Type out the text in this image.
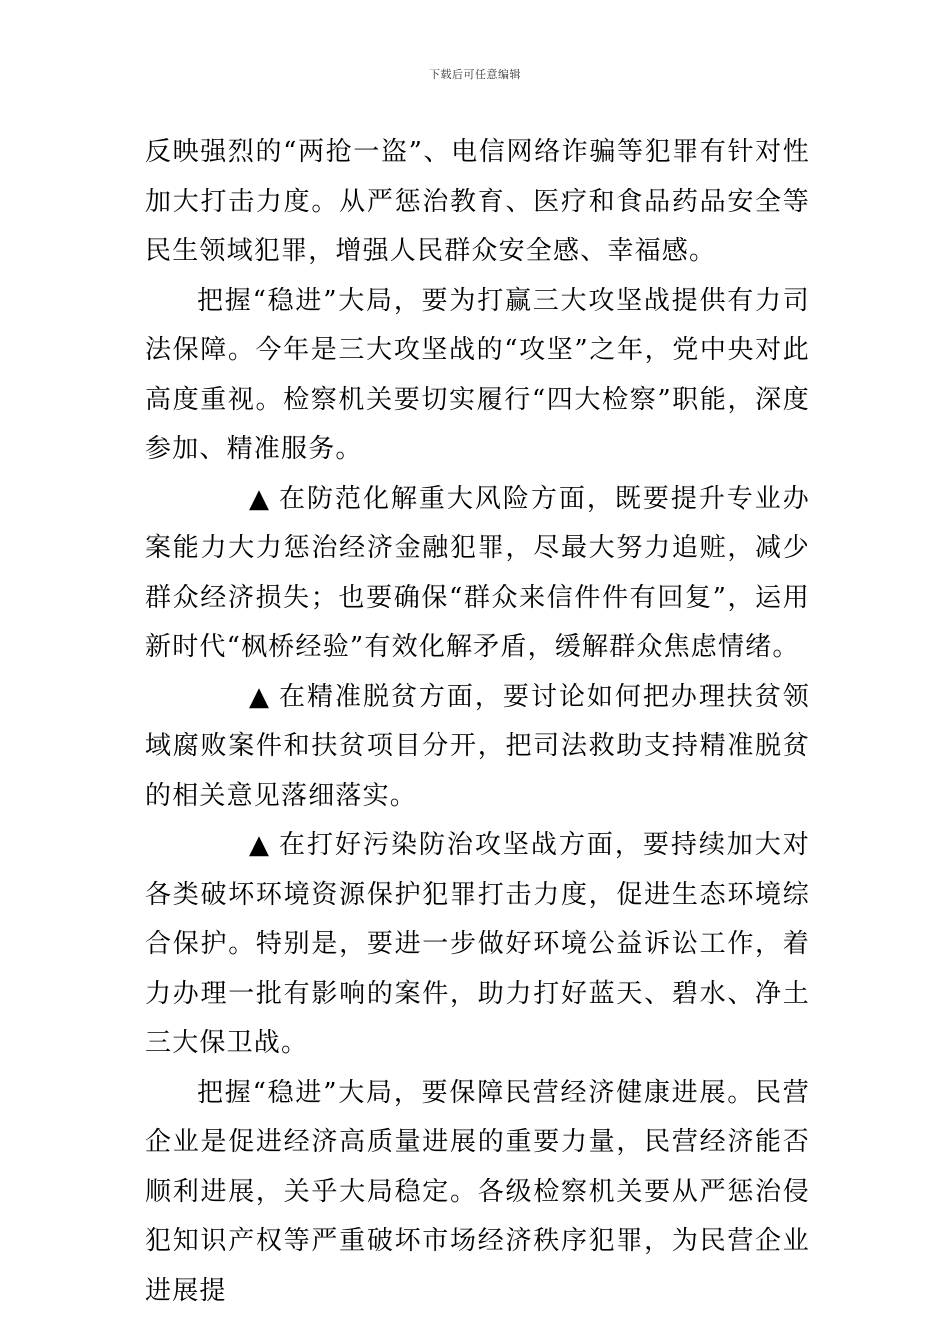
下载后可任意编辑

反映强烈的“两抢一盗”、电信网络诈骗等犯罪有针对性加大打击力度。从严惩治教育、医疗和食品药品安全等民生领域犯罪，增强人民群众安全感、幸福感。

把握“稳进”大局，要为打赢三大攻坚战提供有力司法保障。今年是三大攻坚战的“攻坚”之年，党中央对此高度重视。检察机关要切实履行“四大检察”职能，深度参加、精准服务。

▲ 在防范化解重大风险方面，既要提升专业办案能力大力惩治经济金融犯罪，尽最大努力追赃，减少群众经济损失；也要确保“群众来信件件有回复”，运用新时代“枫桥经验”有效化解矛盾，缓解群众焦虑情绪。

▲ 在精准脱贫方面，要讨论如何把办理扶贫领域腐败案件和扶贫项目分开，把司法救助支持精准脱贫的相关意见落细落实。

▲ 在打好污染防治攻坚战方面，要持续加大对各类破坏环境资源保护犯罪打击力度，促进生态环境综合保护。特别是，要进一步做好环境公益诉讼工作，着力办理一批有影响的案件，助力打好蓝天、碧水、净土三大保卫战。

把握“稳进”大局，要保障民营经济健康进展。民营企业是促进经济高质量进展的重要力量，民营经济能否顺利进展，关乎大局稳定。各级检察机关要从严惩治侵犯知识产权等严重破坏市场经济秩序犯罪，为民营企业进展提
